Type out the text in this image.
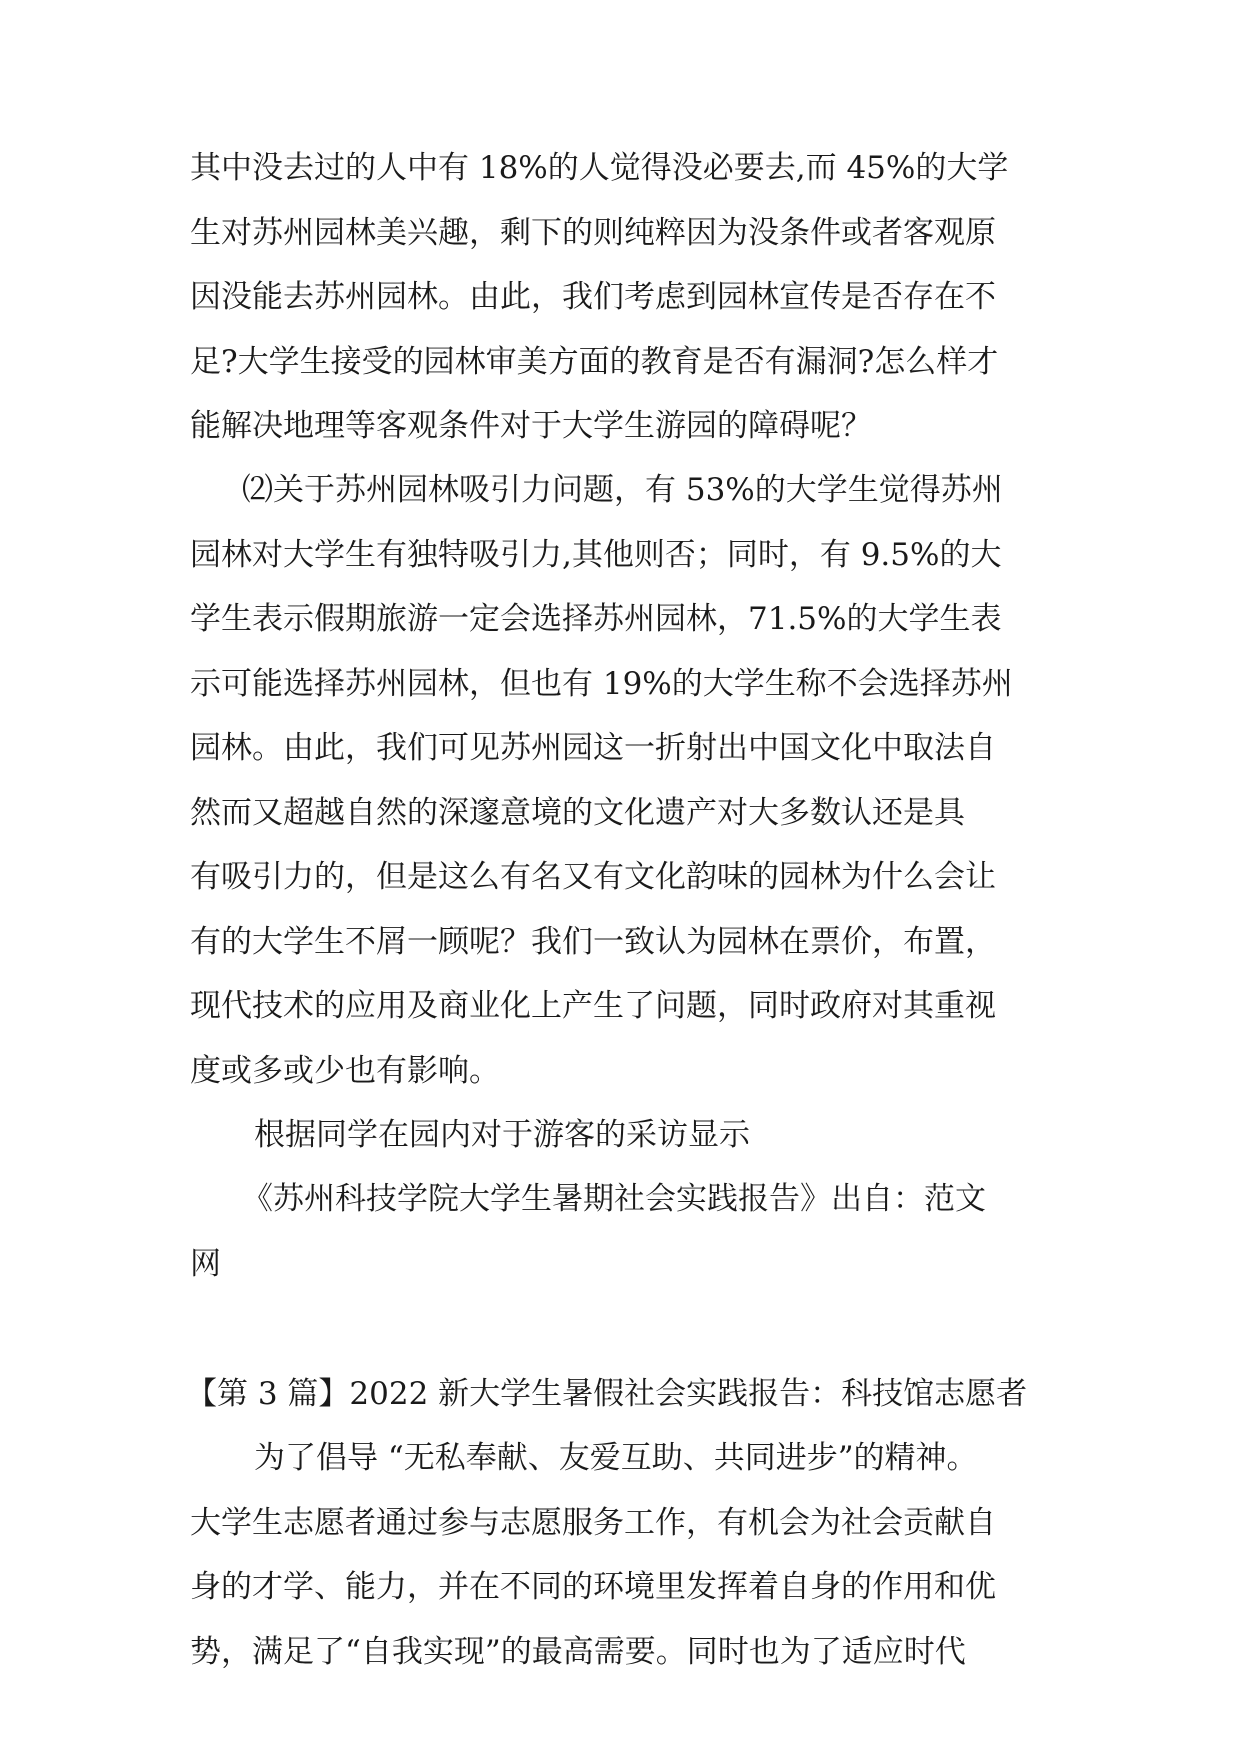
其中没去过的人中有 18%的人觉得没必要去,而 45%的大学
生对苏州园林美兴趣，剩下的则纯粹因为没条件或者客观原
因没能去苏州园林。由此，我们考虑到园林宣传是否存在不
足?大学生接受的园林审美方面的教育是否有漏洞?怎么样才
能解决地理等客观条件对于大学生游园的障碍呢？
⑵关于苏州园林吸引力问题，有 53%的大学生觉得苏州
园林对大学生有独特吸引力,其他则否；同时，有 9.5%的大
学生表示假期旅游一定会选择苏州园林，71.5%的大学生表
示可能选择苏州园林，但也有 19%的大学生称不会选择苏州
园林。由此，我们可见苏州园这一折射出中国文化中取法自
然而又超越自然的深邃意境的文化遗产对大多数认还是具
有吸引力的，但是这么有名又有文化韵味的园林为什么会让
有的大学生不屑一顾呢？我们一致认为园林在票价，布置，
现代技术的应用及商业化上产生了问题，同时政府对其重视
度或多或少也有影响。
根据同学在园内对于游客的采访显示
《苏州科技学院大学生暑期社会实践报告》出自：范文
网
【第 3 篇】2022 新大学生暑假社会实践报告：科技馆志愿者
为了倡导 “无私奉献、友爱互助、共同进步”的精神。
大学生志愿者通过参与志愿服务工作，有机会为社会贡献自
身的才学、能力，并在不同的环境里发挥着自身的作用和优
势，满足了“自我实现”的最高需要。同时也为了适应时代
